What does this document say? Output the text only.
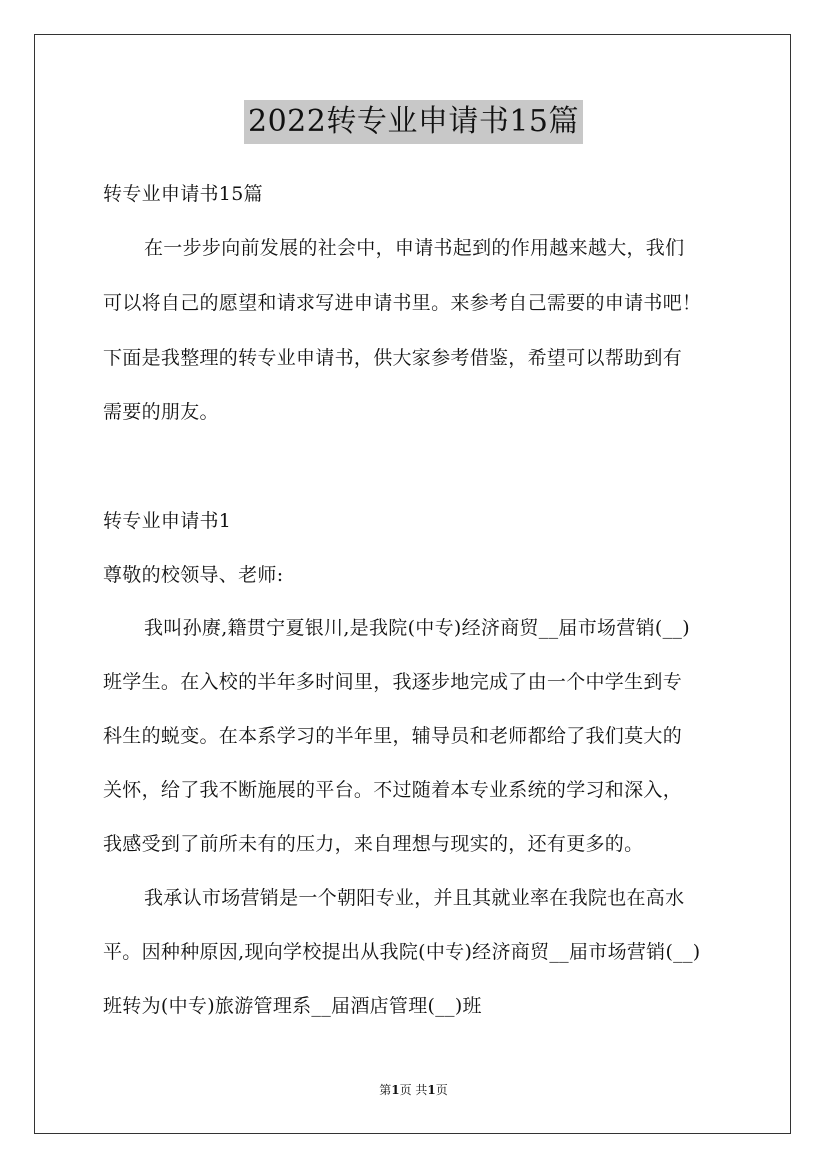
2022转专业申请书15篇
转专业申请书15篇
在一步步向前发展的社会中，申请书起到的作用越来越大，我们
可以将自己的愿望和请求写进申请书里。来参考自己需要的申请书吧！
下面是我整理的转专业申请书，供大家参考借鉴，希望可以帮助到有
需要的朋友。
转专业申请书1
尊敬的校领导、老师:
我叫孙赓,籍贯宁夏银川,是我院(中专)经济商贸__届市场营销(__)
班学生。在入校的半年多时间里，我逐步地完成了由一个中学生到专
科生的蜕变。在本系学习的半年里，辅导员和老师都给了我们莫大的
关怀，给了我不断施展的平台。不过随着本专业系统的学习和深入，
我感受到了前所未有的压力，来自理想与现实的，还有更多的。
我承认市场营销是一个朝阳专业，并且其就业率在我院也在高水
平。因种种原因,现向学校提出从我院(中专)经济商贸__届市场营销(__)
班转为(中专)旅游管理系__届酒店管理(__)班
第1页 共1页
